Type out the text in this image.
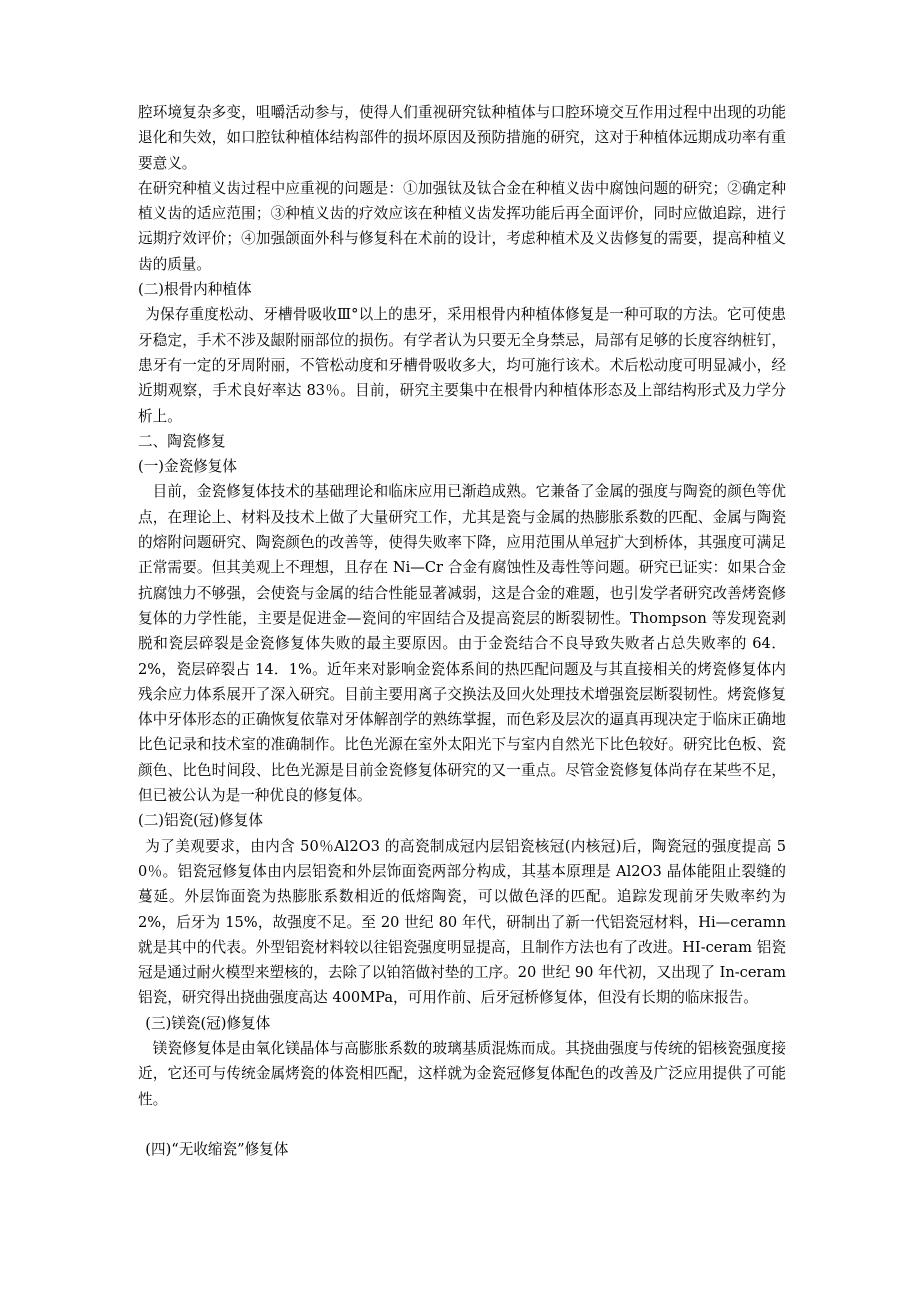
腔环境复杂多变，咀嚼活动参与，使得人们重视研究钛种植体与口腔环境交互作用过程中出现的功能退化和失效，如口腔钛种植体结构部件的损坏原因及预防措施的研究，这对于种植体远期成功率有重要意义。

在研究种植义齿过程中应重视的问题是：①加强钛及钛合金在种植义齿中腐蚀问题的研究；②确定种植义齿的适应范围；③种植义齿的疗效应该在种植义齿发挥功能后再全面评价，同时应做追踪，进行远期疗效评价；④加强颌面外科与修复科在术前的设计，考虑种植术及义齿修复的需要，提高种植义齿的质量。

(二)根骨内种植体

为保存重度松动、牙槽骨吸收Ⅲ°以上的患牙，采用根骨内种植体修复是一种可取的方法。它可使患牙稳定，手术不涉及龈附丽部位的损伤。有学者认为只要无全身禁忌，局部有足够的长度容纳桩钉，患牙有一定的牙周附丽，不管松动度和牙槽骨吸收多大，均可施行该术。术后松动度可明显减小，经近期观察，手术良好率达 83％。目前，研究主要集中在根骨内种植体形态及上部结构形式及力学分析上。

二、陶瓷修复

(一)金瓷修复体

目前，金瓷修复体技术的基础理论和临床应用已渐趋成熟。它兼备了金属的强度与陶瓷的颜色等优点，在理论上、材料及技术上做了大量研究工作，尤其是瓷与金属的热膨胀系数的匹配、金属与陶瓷的熔附问题研究、陶瓷颜色的改善等，使得失败率下降，应用范围从单冠扩大到桥体，其强度可满足正常需要。但其美观上不理想，且存在 Ni—Cr 合金有腐蚀性及毒性等问题。研究已证实：如果合金抗腐蚀力不够强，会使瓷与金属的结合性能显著减弱，这是合金的难题，也引发学者研究改善烤瓷修复体的力学性能，主要是促进金—瓷间的牢固结合及提高瓷层的断裂韧性。Thompson 等发现瓷剥脱和瓷层碎裂是金瓷修复体失败的最主要原因。由于金瓷结合不良导致失败者占总失败率的 64．2%，瓷层碎裂占 14．1%。近年来对影响金瓷体系间的热匹配问题及与其直接相关的烤瓷修复体内残余应力体系展开了深入研究。目前主要用离子交换法及回火处理技术增强瓷层断裂韧性。烤瓷修复体中牙体形态的正确恢复依靠对牙体解剖学的熟练掌握，而色彩及层次的逼真再现决定于临床正确地比色记录和技术室的准确制作。比色光源在室外太阳光下与室内自然光下比色较好。研究比色板、瓷颜色、比色时间段、比色光源是目前金瓷修复体研究的又一重点。尽管金瓷修复体尚存在某些不足，但已被公认为是一种优良的修复体。

(二)铝瓷(冠)修复体

为了美观要求，由内含 50％Al2O3 的高瓷制成冠内层铝瓷核冠(内核冠)后，陶瓷冠的强度提高 50％。铝瓷冠修复体由内层铝瓷和外层饰面瓷两部分构成，其基本原理是 Al2O3 晶体能阻止裂缝的蔓延。外层饰面瓷为热膨胀系数相近的低熔陶瓷，可以做色泽的匹配。追踪发现前牙失败率约为 2%，后牙为 15%，故强度不足。至 20 世纪 80 年代，研制出了新一代铝瓷冠材料，Hi—ceramn 就是其中的代表。外型铝瓷材料较以往铝瓷强度明显提高，且制作方法也有了改进。HI-ceram 铝瓷冠是通过耐火模型来塑核的，去除了以铂箔做衬垫的工序。20 世纪 90 年代初，又出现了 In-ceram 铝瓷，研究得出挠曲强度高达 400MPa，可用作前、后牙冠桥修复体，但没有长期的临床报告。

(三)镁瓷(冠)修复体

镁瓷修复体是由氧化镁晶体与高膨胀系数的玻璃基质混炼而成。其挠曲强度与传统的铝核瓷强度接近，它还可与传统金属烤瓷的体瓷相匹配，这样就为金瓷冠修复体配色的改善及广泛应用提供了可能性。

(四)“无收缩瓷”修复体
